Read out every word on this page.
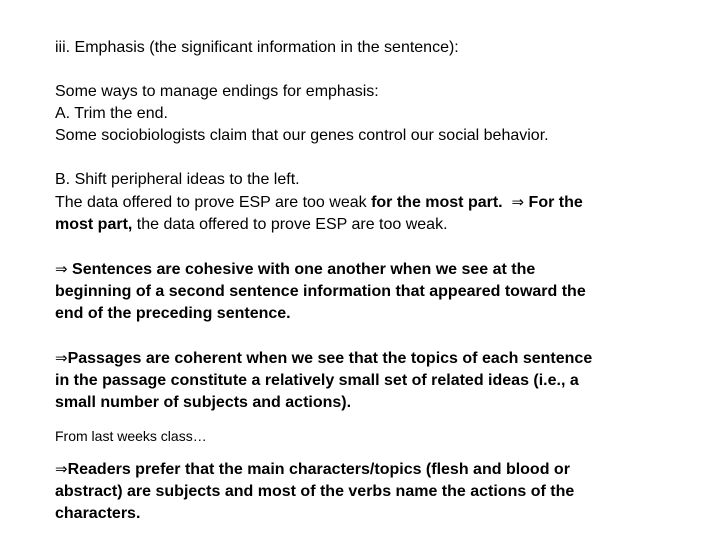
iii. Emphasis (the significant information in the sentence):
Some ways to manage endings for emphasis:
A. Trim the end.
Some sociobiologists claim that our genes control our social behavior.
B. Shift peripheral ideas to the left.
The data offered to prove ESP are too weak for the most part. ⇒ For the
most part, the data offered to prove ESP are too weak.
⇒ Sentences are cohesive with one another when we see at the
beginning of a second sentence information that appeared toward the
end of the preceding sentence.
⇒Passages are coherent when we see that the topics of each sentence
in the passage constitute a relatively small set of related ideas (i.e., a
small number of subjects and actions).
From last weeks class…
⇒Readers prefer that the main characters/topics (flesh and blood or
abstract) are subjects and most of the verbs name the actions of the
characters.
